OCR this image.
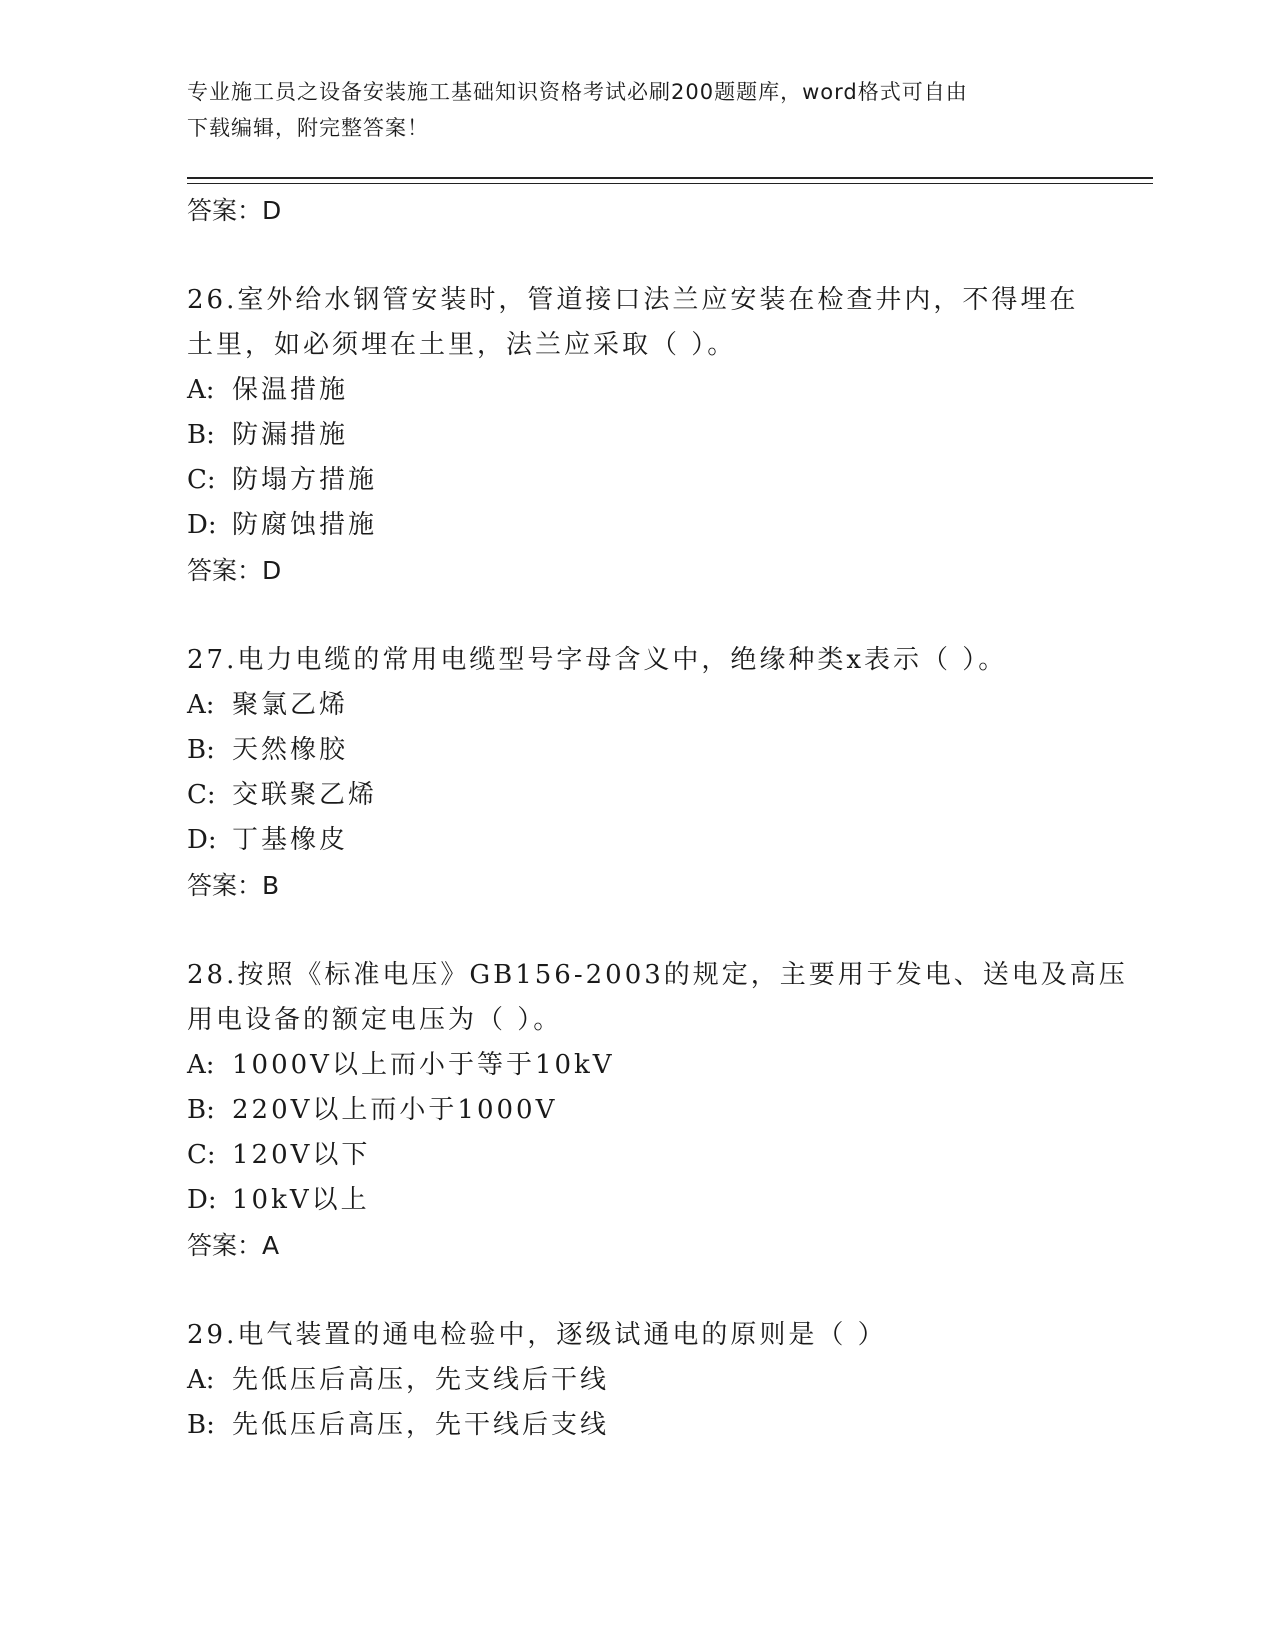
专业施工员之设备安装施工基础知识资格考试必刷200题题库，word格式可自由
下载编辑，附完整答案！
答案：D
26.室外给水钢管安装时，管道接口法兰应安装在检查井内，不得埋在
土里，如必须埋在土里，法兰应采取（ ）。
A: 保温措施
B: 防漏措施
C: 防塌方措施
D: 防腐蚀措施
答案：D
27.电力电缆的常用电缆型号字母含义中，绝缘种类x表示（ ）。
A: 聚氯乙烯
B: 天然橡胶
C: 交联聚乙烯
D: 丁基橡皮
答案：B
28.按照《标准电压》GB156-2003的规定，主要用于发电、送电及高压
用电设备的额定电压为（ ）。
A: 1000V以上而小于等于10kV
B: 220V以上而小于1000V
C: 120V以下
D: 10kV以上
答案：A
29.电气装置的通电检验中，逐级试通电的原则是（ ）
A: 先低压后高压，先支线后干线
B: 先低压后高压，先干线后支线
